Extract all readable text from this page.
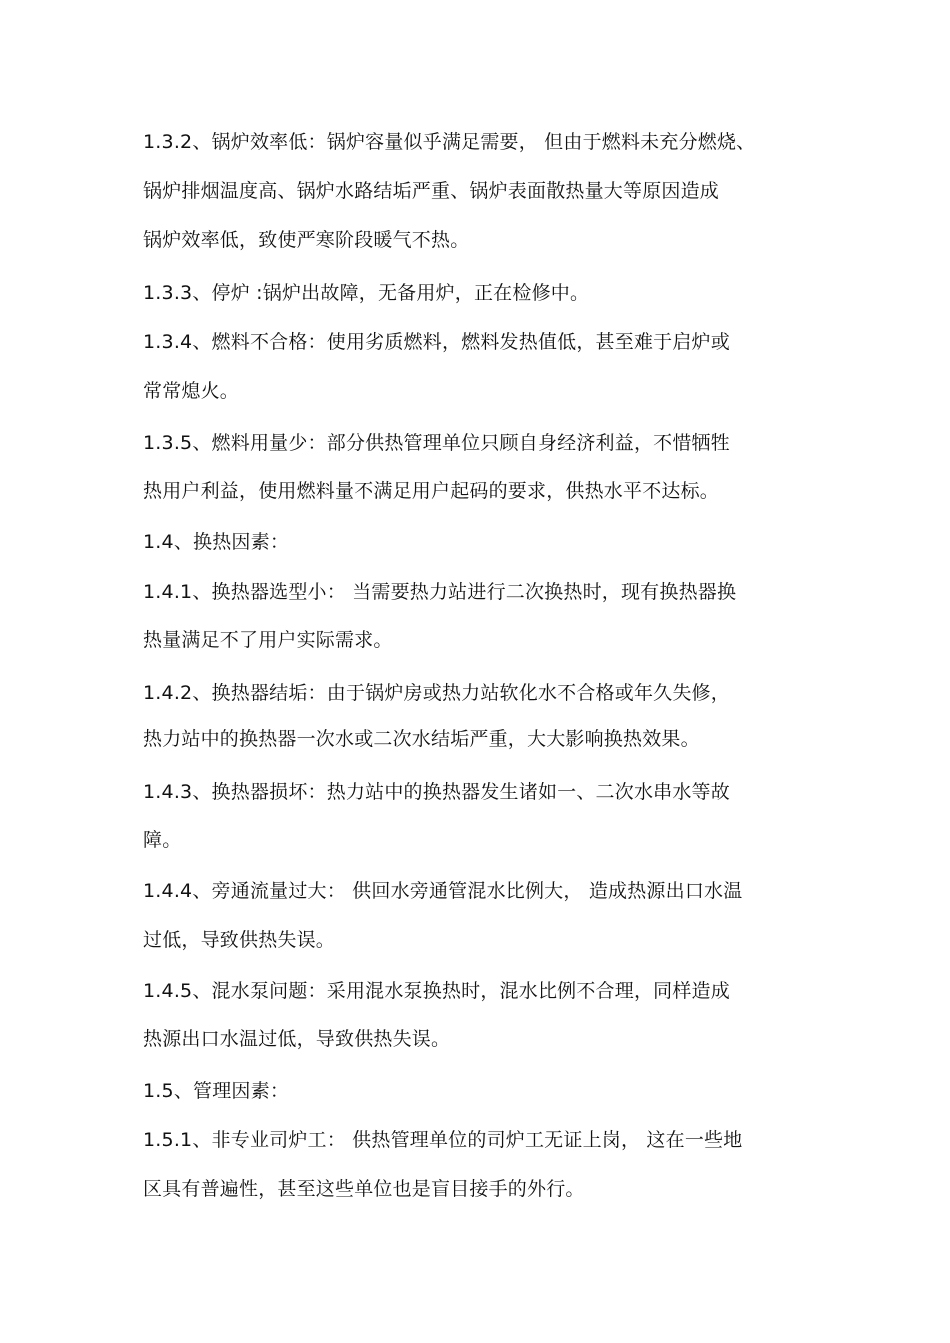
1.3.2、锅炉效率低：锅炉容量似乎满足需要， 但由于燃料未充分燃烧、
锅炉排烟温度高、锅炉水路结垢严重、锅炉表面散热量大等原因造成
锅炉效率低，致使严寒阶段暖气不热。
1.3.3、停炉 :锅炉出故障，无备用炉，正在检修中。
1.3.4、燃料不合格：使用劣质燃料，燃料发热值低，甚至难于启炉或
常常熄火。
1.3.5、燃料用量少：部分供热管理单位只顾自身经济利益，不惜牺牲
热用户利益，使用燃料量不满足用户起码的要求，供热水平不达标。
1.4、换热因素：
1.4.1、换热器选型小： 当需要热力站进行二次换热时，现有换热器换
热量满足不了用户实际需求。
1.4.2、换热器结垢：由于锅炉房或热力站软化水不合格或年久失修，
热力站中的换热器一次水或二次水结垢严重，大大影响换热效果。
1.4.3、换热器损坏：热力站中的换热器发生诸如一、二次水串水等故
障。
1.4.4、旁通流量过大： 供回水旁通管混水比例大， 造成热源出口水温
过低，导致供热失误。
1.4.5、混水泵问题：采用混水泵换热时，混水比例不合理，同样造成
热源出口水温过低，导致供热失误。
1.5、管理因素：
1.5.1、非专业司炉工： 供热管理单位的司炉工无证上岗， 这在一些地
区具有普遍性，甚至这些单位也是盲目接手的外行。
